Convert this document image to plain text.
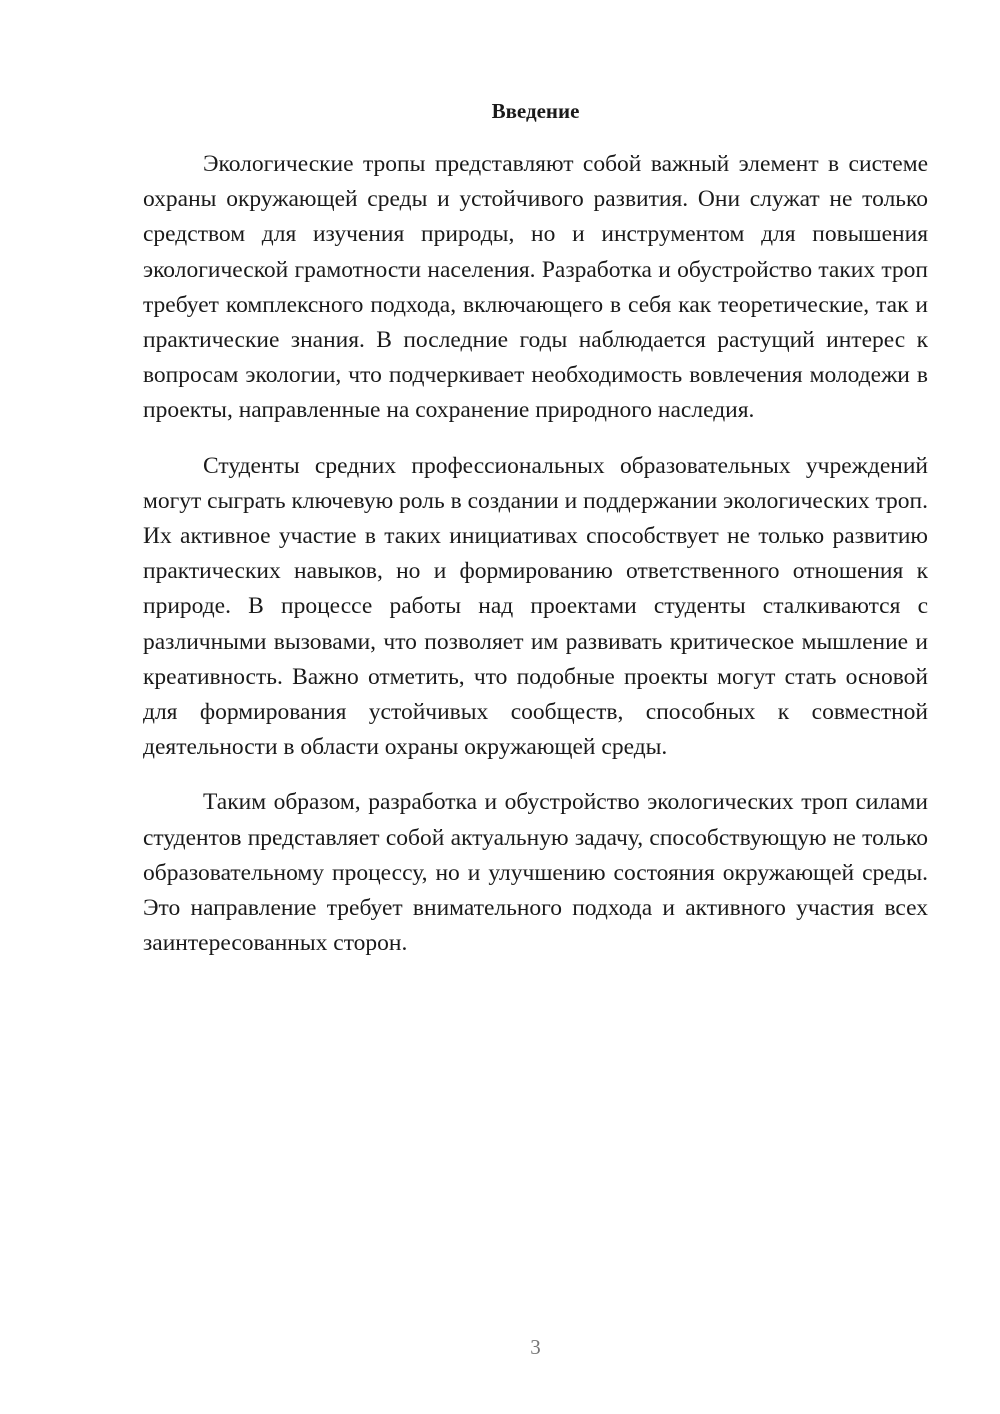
Введение

Экологические тропы представляют собой важный элемент в системе охраны окружающей среды и устойчивого развития. Они служат не только средством для изучения природы, но и инструментом для повышения экологической грамотности населения. Разработка и обустройство таких троп требует комплексного подхода, включающего в себя как теоретические, так и практические знания. В последние годы наблюдается растущий интерес к вопросам экологии, что подчеркивает необходимость вовлечения молодежи в проекты, направленные на сохранение природного наследия.

Студенты средних профессиональных образовательных учреждений могут сыграть ключевую роль в создании и поддержании экологических троп. Их активное участие в таких инициативах способствует не только развитию практических навыков, но и формированию ответственного отношения к природе. В процессе работы над проектами студенты сталкиваются с различными вызовами, что позволяет им развивать критическое мышление и креативность. Важно отметить, что подобные проекты могут стать основой для формирования устойчивых сообществ, способных к совместной деятельности в области охраны окружающей среды.

Таким образом, разработка и обустройство экологических троп силами студентов представляет собой актуальную задачу, способствующую не только образовательному процессу, но и улучшению состояния окружающей среды. Это направление требует внимательного подхода и активного участия всех заинтересованных сторон.

3
